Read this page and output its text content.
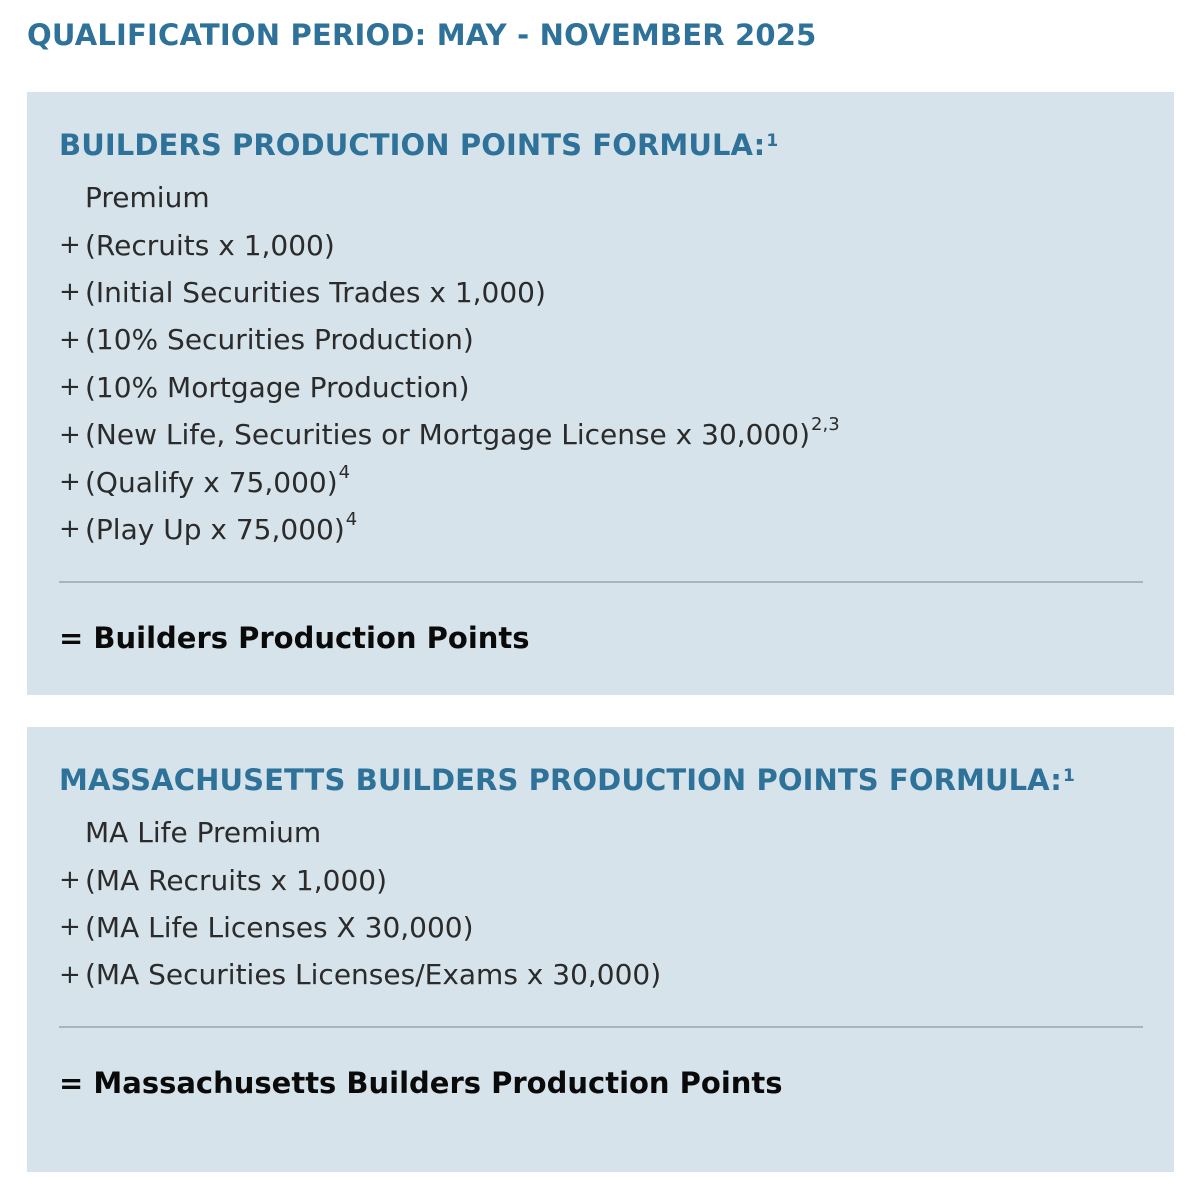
QUALIFICATION PERIOD: MAY - NOVEMBER 2025
BUILDERS PRODUCTION POINTS FORMULA:$^1$
Premium
+ (Recruits x 1,000)
+ (Initial Securities Trades x 1,000)
+ (10% Securities Production)
+ (10% Mortgage Production)
+ (New Life, Securities or Mortgage License x 30,000)$^{2,3}$
+ (Qualify x 75,000)$^4$
+ (Play Up x 75,000)$^4$

= Builders Production Points

MASSACHUSETTS BUILDERS PRODUCTION POINTS FORMULA:$^1$
MA Life Premium
+ (MA Recruits x 1,000)
+ (MA Life Licenses X 30,000)
+ (MA Securities Licenses/Exams x 30,000)

= Massachusetts Builders Production Points
